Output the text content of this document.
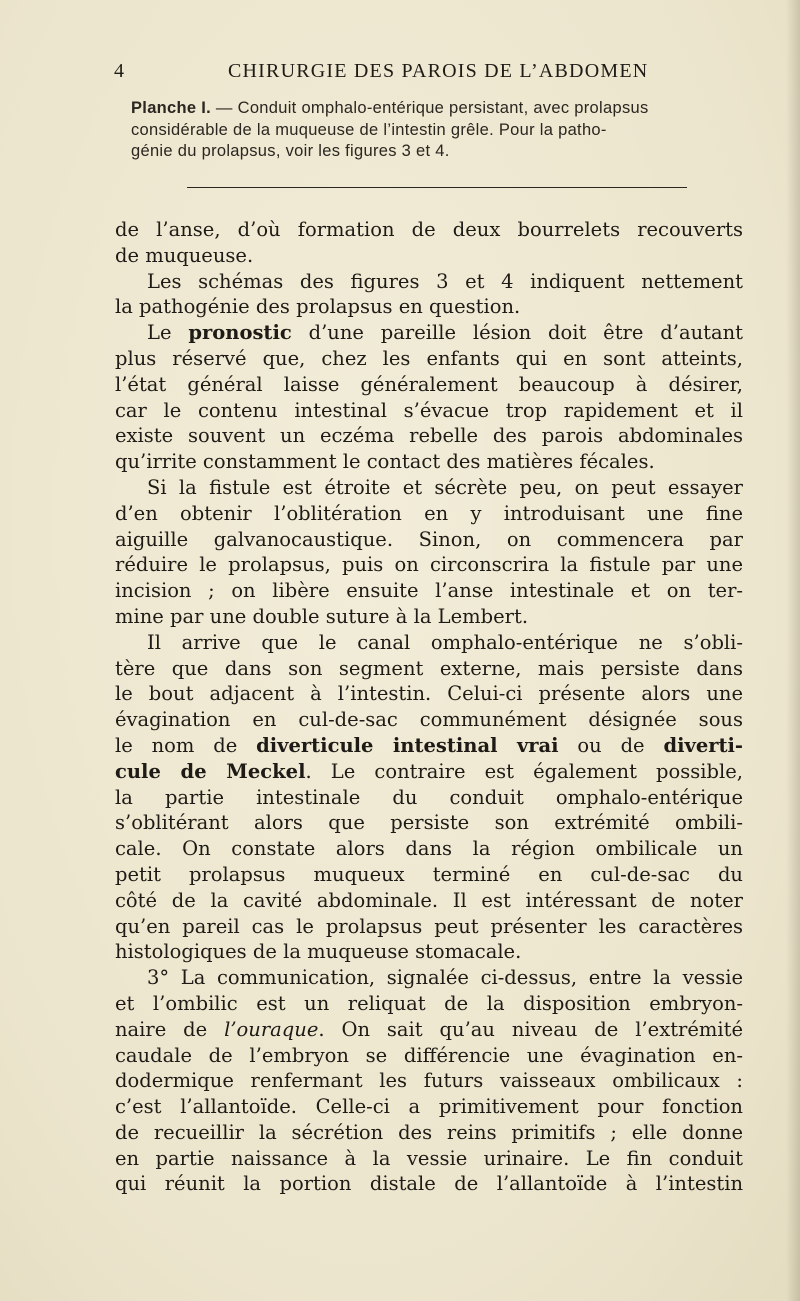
4	CHIRURGIE DES PAROIS DE L’ABDOMEN
Planche I. — Conduit omphalo-entérique persistant, avec prolapsus
considérable de la muqueuse de l’intestin grêle. Pour la patho-
génie du prolapsus, voir les figures 3 et 4.
de l’anse, d’où formation de deux bourrelets recouverts
de muqueuse.
Les schémas des figures 3 et 4 indiquent nettement
la pathogénie des prolapsus en question.
Le pronostic d’une pareille lésion doit être d’autant
plus réservé que, chez les enfants qui en sont atteints,
l’état général laisse généralement beaucoup à désirer,
car le contenu intestinal s’évacue trop rapidement et il
existe souvent un eczéma rebelle des parois abdominales
qu’irrite constamment le contact des matières fécales.
Si la fistule est étroite et sécrète peu, on peut essayer
d’en obtenir l’oblitération en y introduisant une fine
aiguille galvanocaustique. Sinon, on commencera par
réduire le prolapsus, puis on circonscrira la fistule par une
incision ; on libère ensuite l’anse intestinale et on ter-
mine par une double suture à la Lembert.
Il arrive que le canal omphalo-entérique ne s’obli-
tère que dans son segment externe, mais persiste dans
le bout adjacent à l’intestin. Celui-ci présente alors une
évagination en cul-de-sac communément désignée sous
le nom de diverticule intestinal vrai ou de diverti-
cule de Meckel. Le contraire est également possible,
la partie intestinale du conduit omphalo-entérique
s’oblitérant alors que persiste son extrémité ombili-
cale. On constate alors dans la région ombilicale un
petit prolapsus muqueux terminé en cul-de-sac du
côté de la cavité abdominale. Il est intéressant de noter
qu’en pareil cas le prolapsus peut présenter les caractères
histologiques de la muqueuse stomacale.
3° La communication, signalée ci-dessus, entre la vessie
et l’ombilic est un reliquat de la disposition embryon-
naire de l’ouraque. On sait qu’au niveau de l’extrémité
caudale de l’embryon se différencie une évagination en-
dodermique renfermant les futurs vaisseaux ombilicaux :
c’est l’allantoïde. Celle-ci a primitivement pour fonction
de recueillir la sécrétion des reins primitifs ; elle donne
en partie naissance à la vessie urinaire. Le fin conduit
qui réunit la portion distale de l’allantoïde à l’intestin
